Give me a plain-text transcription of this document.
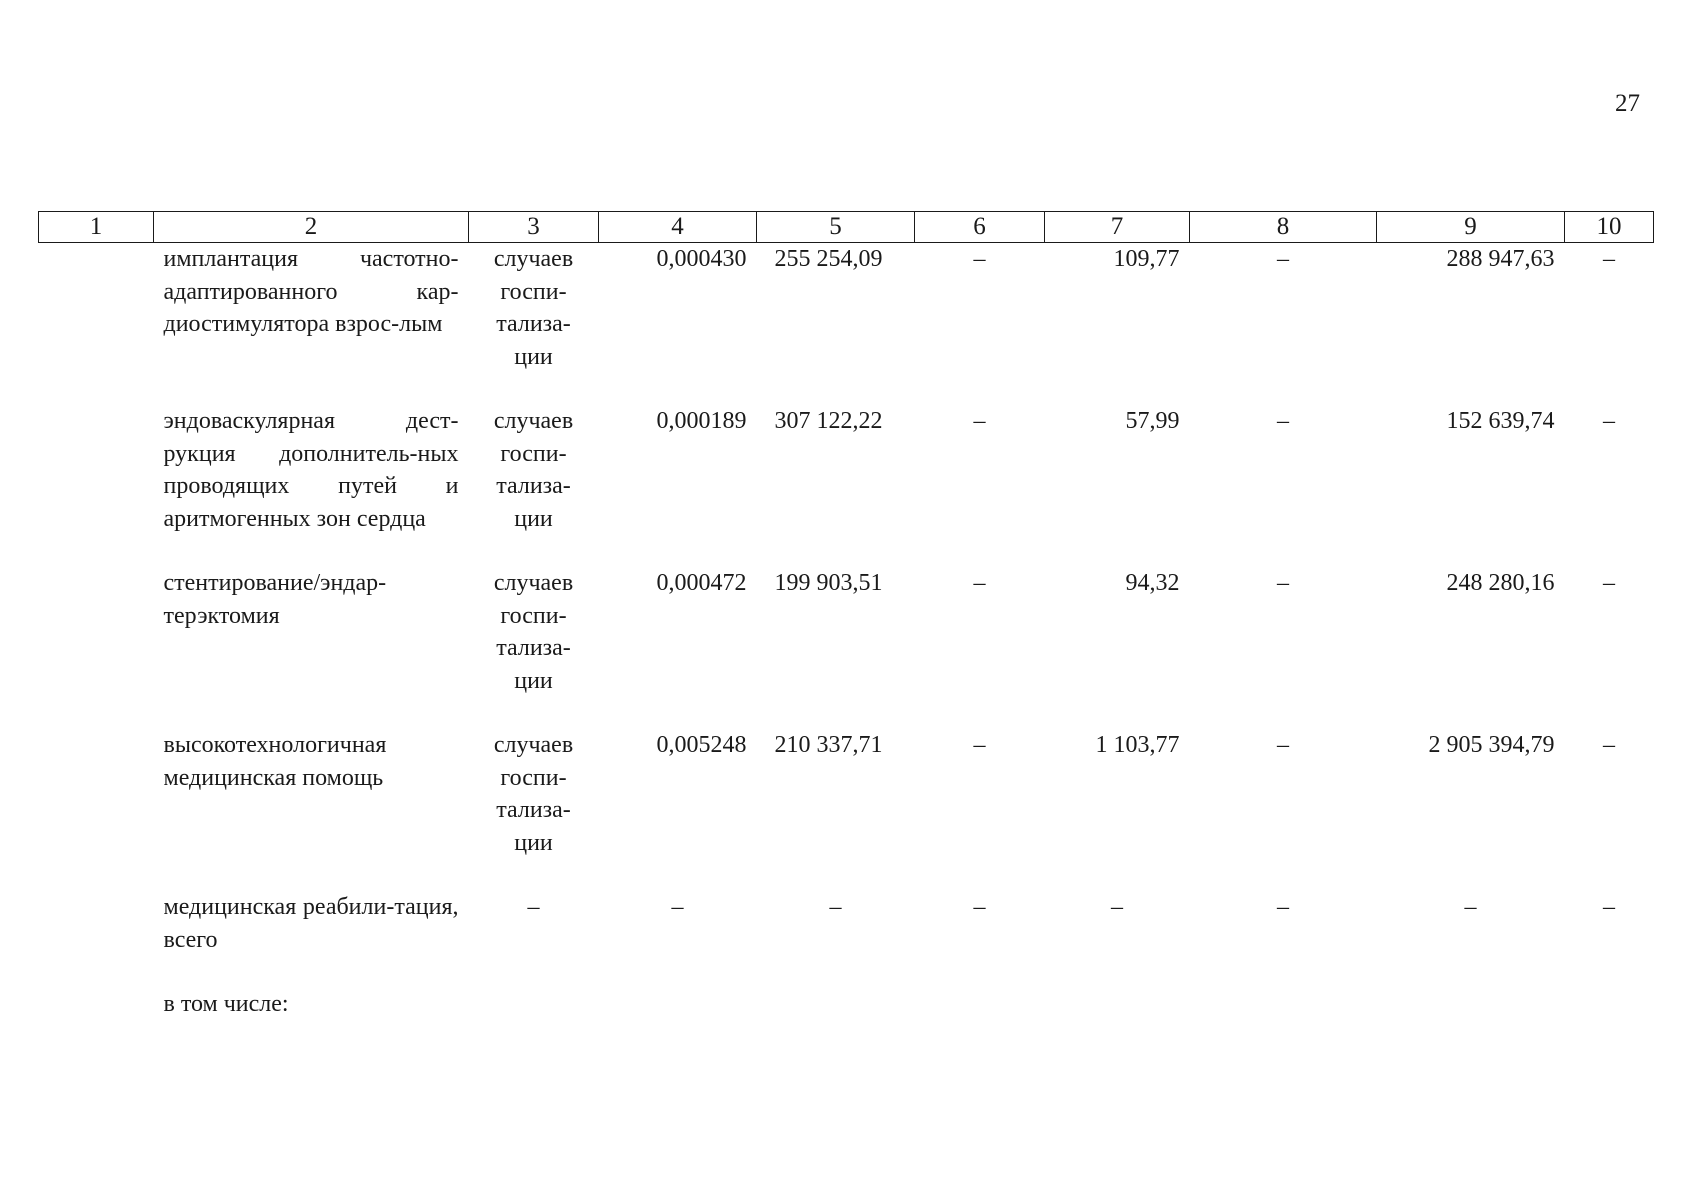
27
1	2	3	4	5	6	7	8	9	10
	имплантация частотно-адаптированного кар-диостимулятора взрос-лым	случаев
госпи-
тализа-
ции	0,000430	255 254,09	–	109,77	–	288 947,63	–
	эндоваскулярная дест-рукция дополнитель-ных проводящих путей и аритмогенных зон сердца	случаев
госпи-
тализа-
ции	0,000189	307 122,22	–	57,99	–	152 639,74	–
	стентирование/эндар-терэктомия	случаев
госпи-
тализа-
ции	0,000472	199 903,51	–	94,32	–	248 280,16	–
	высокотехнологичная медицинская помощь	случаев
госпи-
тализа-
ции	0,005248	210 337,71	–	1 103,77	–	2 905 394,79	–
	медицинская реабили-тация, всего	–	–	–	–	–	–	–	–
	в том числе:								
